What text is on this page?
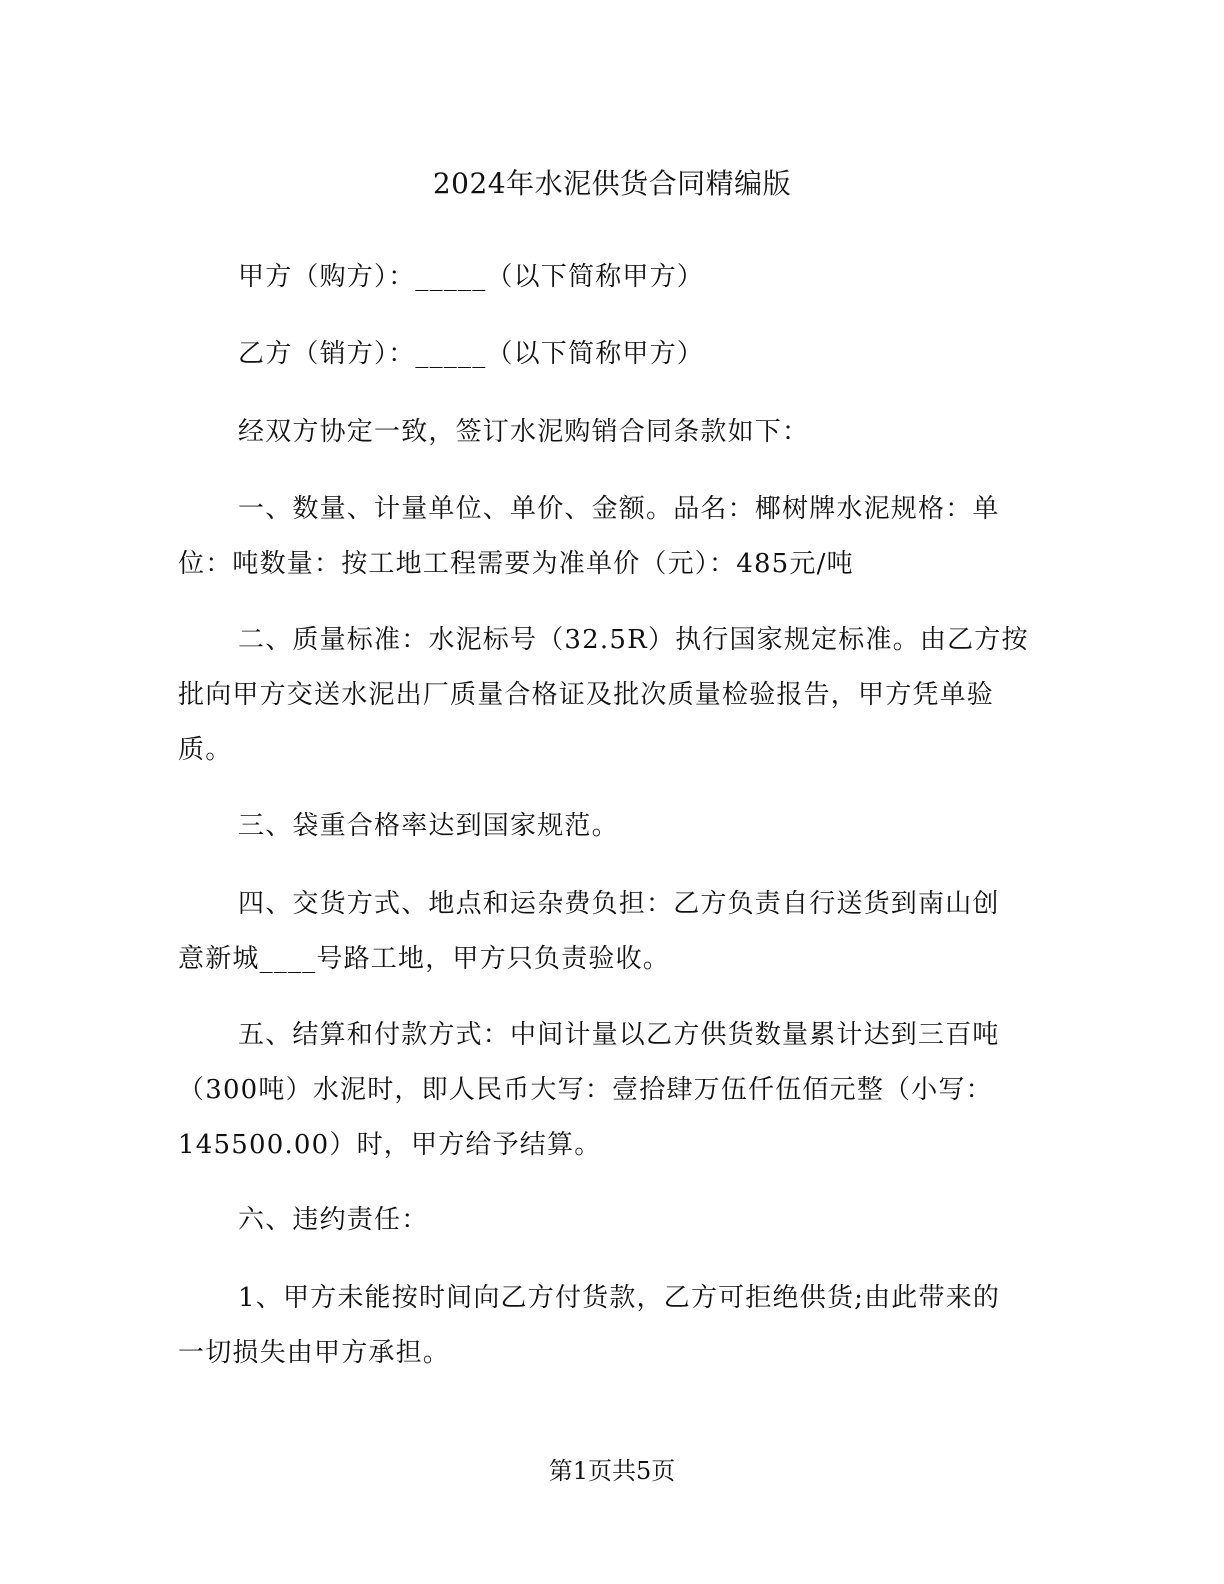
2024年水泥供货合同精编版
甲方（购方）：_____（以下简称甲方）
乙方（销方）：_____（以下简称甲方）
经双方协定一致，签订水泥购销合同条款如下：
一、数量、计量单位、单价、金额。品名：椰树牌水泥规格：单
位：吨数量：按工地工程需要为准单价（元）：485元/吨
二、质量标准：水泥标号（32.5R）执行国家规定标准。由乙方按
批向甲方交送水泥出厂质量合格证及批次质量检验报告，甲方凭单验
质。
三、袋重合格率达到国家规范。
四、交货方式、地点和运杂费负担：乙方负责自行送货到南山创
意新城____号路工地，甲方只负责验收。
五、结算和付款方式：中间计量以乙方供货数量累计达到三百吨
（300吨）水泥时，即人民币大写：壹拾肆万伍仟伍佰元整（小写：
145500.00）时，甲方给予结算。
六、违约责任：
1、甲方未能按时间向乙方付货款，乙方可拒绝供货;由此带来的
一切损失由甲方承担。
第1页共5页
